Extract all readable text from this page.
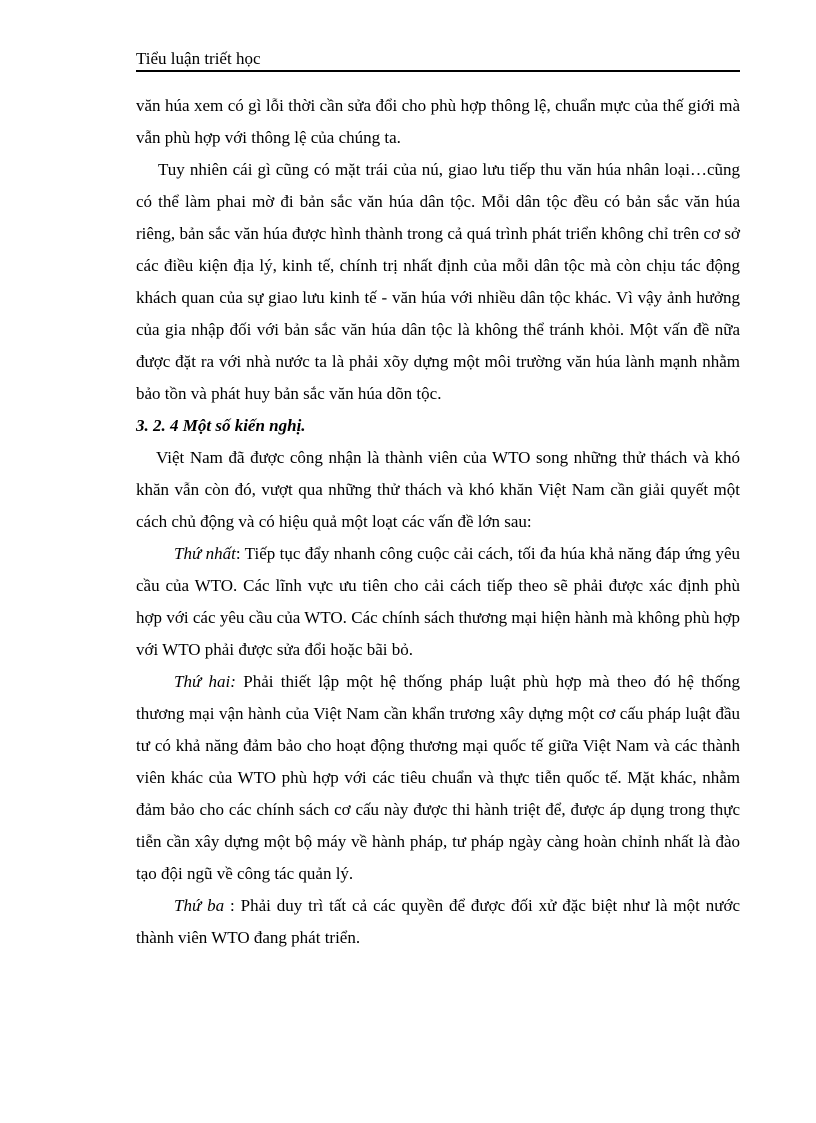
Tiểu luận triết học

văn húa xem có gì lỗi thời cần sửa đổi cho phù hợp thông lệ, chuẩn mực của thế giới mà vẫn phù hợp với thông lệ của chúng ta.

Tuy nhiên cái gì cũng có mặt trái của nú, giao lưu tiếp thu văn húa nhân loại…cũng có thể làm phai mờ đi bản sắc văn húa dân tộc. Mỗi dân tộc đều có bản sắc văn húa riêng, bản sắc văn húa được hình thành trong cả quá trình phát triển không chỉ trên cơ sở các điều kiện địa lý, kinh tế, chính trị nhất định của mỗi dân tộc mà còn chịu tác động khách quan của sự giao lưu kinh tế - văn húa với nhiều dân tộc khác. Vì vậy ảnh hưởng của gia nhập đối với bản sắc văn húa dân tộc là không thể tránh khỏi. Một vấn đề nữa được đặt ra với nhà nước ta là phải xõy dựng một môi trường văn húa lành mạnh nhằm bảo tồn và phát huy bản sắc văn húa dõn tộc.

3. 2. 4 Một số kiến nghị.

Việt Nam đã được công nhận là thành viên của WTO song những thử thách và khó khăn vẫn còn đó, vượt qua những thử thách và khó khăn Việt Nam cần giải quyết một cách chủ động và có hiệu quả một loạt các vấn đề lớn sau:

Thứ nhất: Tiếp tục đẩy nhanh công cuộc cải cách, tối đa húa khả năng đáp ứng yêu cầu của WTO. Các lĩnh vực ưu tiên cho cải cách tiếp theo sẽ phải được xác định phù hợp với các yêu cầu của WTO. Các chính sách thương mại hiện hành mà không phù hợp với WTO phải được sửa đổi hoặc bãi bỏ.

Thứ hai: Phải thiết lập một hệ thống pháp luật phù hợp mà theo đó hệ thống thương mại vận hành của Việt Nam cần khẩn trương xây dựng một cơ cấu pháp luật đầu tư có khả năng đảm bảo cho hoạt động thương mại quốc tế giữa Việt Nam và các thành viên khác của WTO phù hợp với các tiêu chuẩn và thực tiễn quốc tế. Mặt khác, nhằm đảm bảo cho các chính sách cơ cấu này được thi hành triệt để, được áp dụng trong thực tiễn cần xây dựng một bộ máy về hành pháp, tư pháp ngày càng hoàn chỉnh nhất là đào tạo đội ngũ về công tác quản lý.

Thứ ba : Phải duy trì tất cả các quyền để được đối xử đặc biệt như là một nước thành viên WTO đang phát triển.
